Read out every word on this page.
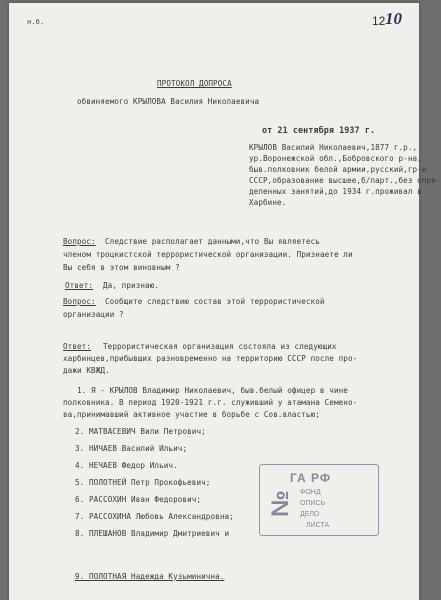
н.б.	12 10
ПРОТОКОЛ ДОПРОСА
обвиняемого КРЫЛОВА Василия Николаевича
от 21 сентября 1937 г.
КРЫЛОВ Василий Николаевич,1877 г.р.,
ур.Воронежской обл.,Бобровского р-на,
быв.полковник белой армии,русский,гр-н
СССР,образование высшее,б/парт.,без опре-
деленных занятий,до 1934 г.проживал в
Харбине.
Вопрос: Следствие располагает данными,что Вы являетесь
членом троцкистской террористической организации. Признаете ли
Вы себя в этом виновным ?
Ответ: Да, признаю.
Вопрос: Сообщите следствию состав этой террористической
организации ?
Ответ: Террористическая организация состояла из следующих
харбинцев,прибывших разновременно на территорию СССР после про-
дажи КВЖД.
1. Я - КРЫЛОВ Владимир Николаевич, быв.белый офицер в чине
полковника. В период 1920-1921 г.г. служивший у атамана Семено-
ва,принимавший активное участие в борьбе с Сов.властью;
2. МАТВАСЕВИЧ Вили Петрович;
3. НИЧАЕВ Василий Ильич;
4. НЕЧАЕВ Федор Ильич.
5. ПОЛОТНЕЙ Петр Прокофьевич;
6. РАССОХИН Иван Федорович;
7. РАССОХИНА Любовь Александровна;
8. ПЛЕШАНОВ Владимир Дмитриевич и
9. ПОЛОТНАЯ Надежда Кузьминична.
ГА РФ
№ ФОНД
ОПИСЬ
ДЕЛО
ЛИСТА
